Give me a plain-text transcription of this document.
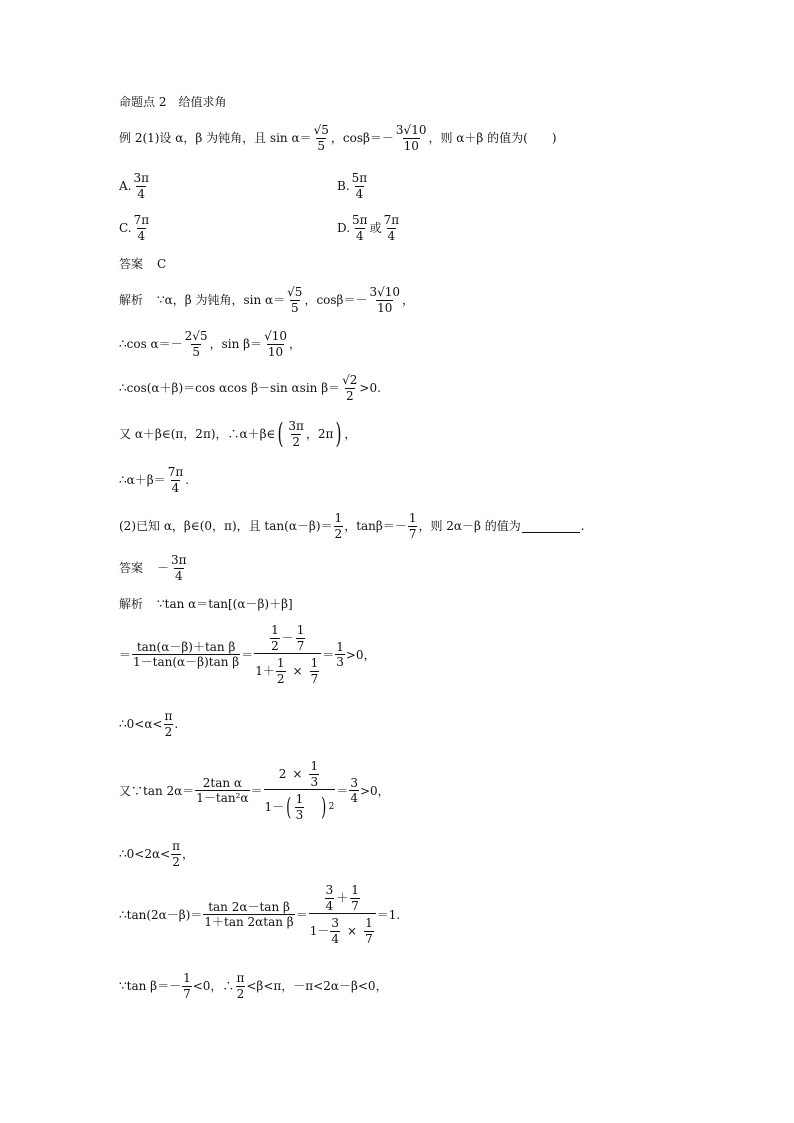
命题点 2　给值求角
例 2 (1)设 α，β 为钝角，且 $\sin \alpha= \frac{√5}{5}$ ，$\cos\beta=- \frac{3√10}{10}$ ，则 α＋β 的值为(　　)
A. $\frac{3\pi}{4}$	B. $\frac{5\pi}{4}$
C. $\frac{7\pi}{4}$	D. $\frac{5\pi}{4}$ 或 $\frac{7\pi}{4}$
答案 C
解析 ∵α，β 为钝角，$\sin \alpha= \frac{√5}{5}$ ，$\cos\beta=- \frac{3√10}{10}$ ，
∴cos $\alpha=- \frac{2√5}{5}$ ，$\sin \beta= \frac{√10}{10}$ ，
∴cos(α＋β)＝cos αcos β－sin αsin $\beta= \frac{√2}{2} >0$.
又 α＋β∈(π，2π)，∴α＋β∈ ( $\frac{3\pi}{2}$ ，2π ) ，
∴α＋β＝ $\frac{7\pi}{4}$ .
(2)已知 α，β∈(0，π)，且 $\tan(\alpha-\beta)= \frac{1}{2}$ ，$\tan\beta=- \frac{1}{7}$ ，则 2α－β 的值为	.
答案 － $\frac{3\pi}{4}$
解析 ∵tan α＝tan[(α－β)＋β]
＝ $\frac{\text{tan(α－β)＋tan β}}{\text{1－tan(α－β)tan β}} = \frac{\frac{1}{2} - \frac{1}{7}}{1+ \frac{1}{2} \times \frac{1}{7}} = \frac{1}{3} >0$，
∴0<α< $\frac{\pi}{2}$ .
又∵tan $2\alpha= \frac{\text{2tan α}}{\text{1－tan²α}} = \frac{2 \times \frac{1}{3}}{1- ( \frac{1}{3} ) 2} = \frac{3}{4} >0$，
∴0<2α< $\frac{\pi}{2}$ ，
∴tan(2α－β)＝ $\frac{\text{tan 2α－tan β}}{\text{1＋tan 2αtan β}} = \frac{\frac{3}{4} + \frac{1}{7}}{1- \frac{3}{4} \times \frac{1}{7}} =1$.
∵tan $\beta=- \frac{1}{7} <0$，∴ $\frac{\pi}{2} <\beta<\pi$，－π<2α－β<0，
